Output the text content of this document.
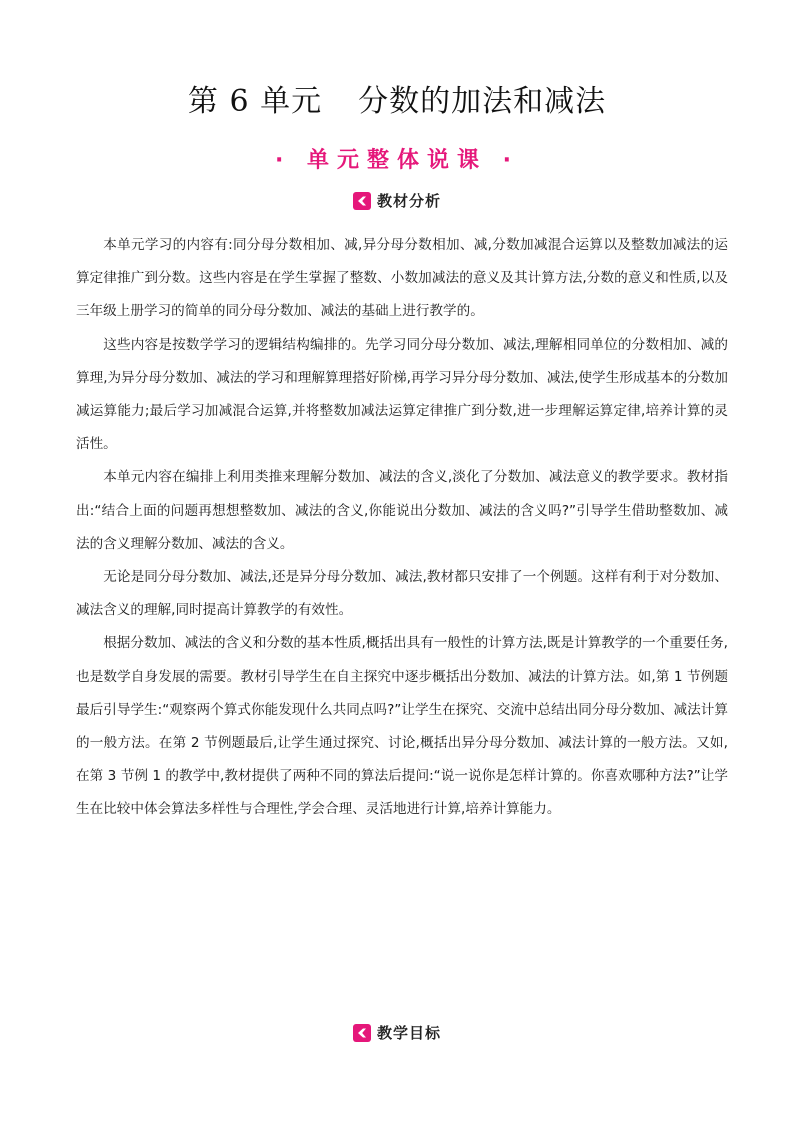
第 6 单元 分数的加法和减法
· 单元整体说课 ·
教材分析

本单元学习的内容有:同分母分数相加、减,异分母分数相加、减,分数加减混合运算以及整数加减法的运算定律推广到分数。这些内容是在学生掌握了整数、小数加减法的意义及其计算方法,分数的意义和性质,以及三年级上册学习的简单的同分母分数加、减法的基础上进行教学的。

这些内容是按数学学习的逻辑结构编排的。先学习同分母分数加、减法,理解相同单位的分数相加、减的算理,为异分母分数加、减法的学习和理解算理搭好阶梯,再学习异分母分数加、减法,使学生形成基本的分数加减运算能力;最后学习加减混合运算,并将整数加减法运算定律推广到分数,进一步理解运算定律,培养计算的灵活性。

本单元内容在编排上利用类推来理解分数加、减法的含义,淡化了分数加、减法意义的教学要求。教材指出:“结合上面的问题再想想整数加、减法的含义,你能说出分数加、减法的含义吗?”引导学生借助整数加、减法的含义理解分数加、减法的含义。

无论是同分母分数加、减法,还是异分母分数加、减法,教材都只安排了一个例题。这样有利于对分数加、减法含义的理解,同时提高计算教学的有效性。

根据分数加、减法的含义和分数的基本性质,概括出具有一般性的计算方法,既是计算教学的一个重要任务,也是数学自身发展的需要。教材引导学生在自主探究中逐步概括出分数加、减法的计算方法。如,第 1 节例题最后引导学生:“观察两个算式你能发现什么共同点吗?”让学生在探究、交流中总结出同分母分数加、减法计算的一般方法。在第 2 节例题最后,让学生通过探究、讨论,概括出异分母分数加、减法计算的一般方法。又如,在第 3 节例 1 的教学中,教材提供了两种不同的算法后提问:“说一说你是怎样计算的。你喜欢哪种方法?”让学生在比较中体会算法多样性与合理性,学会合理、灵活地进行计算,培养计算能力。

教学目标
